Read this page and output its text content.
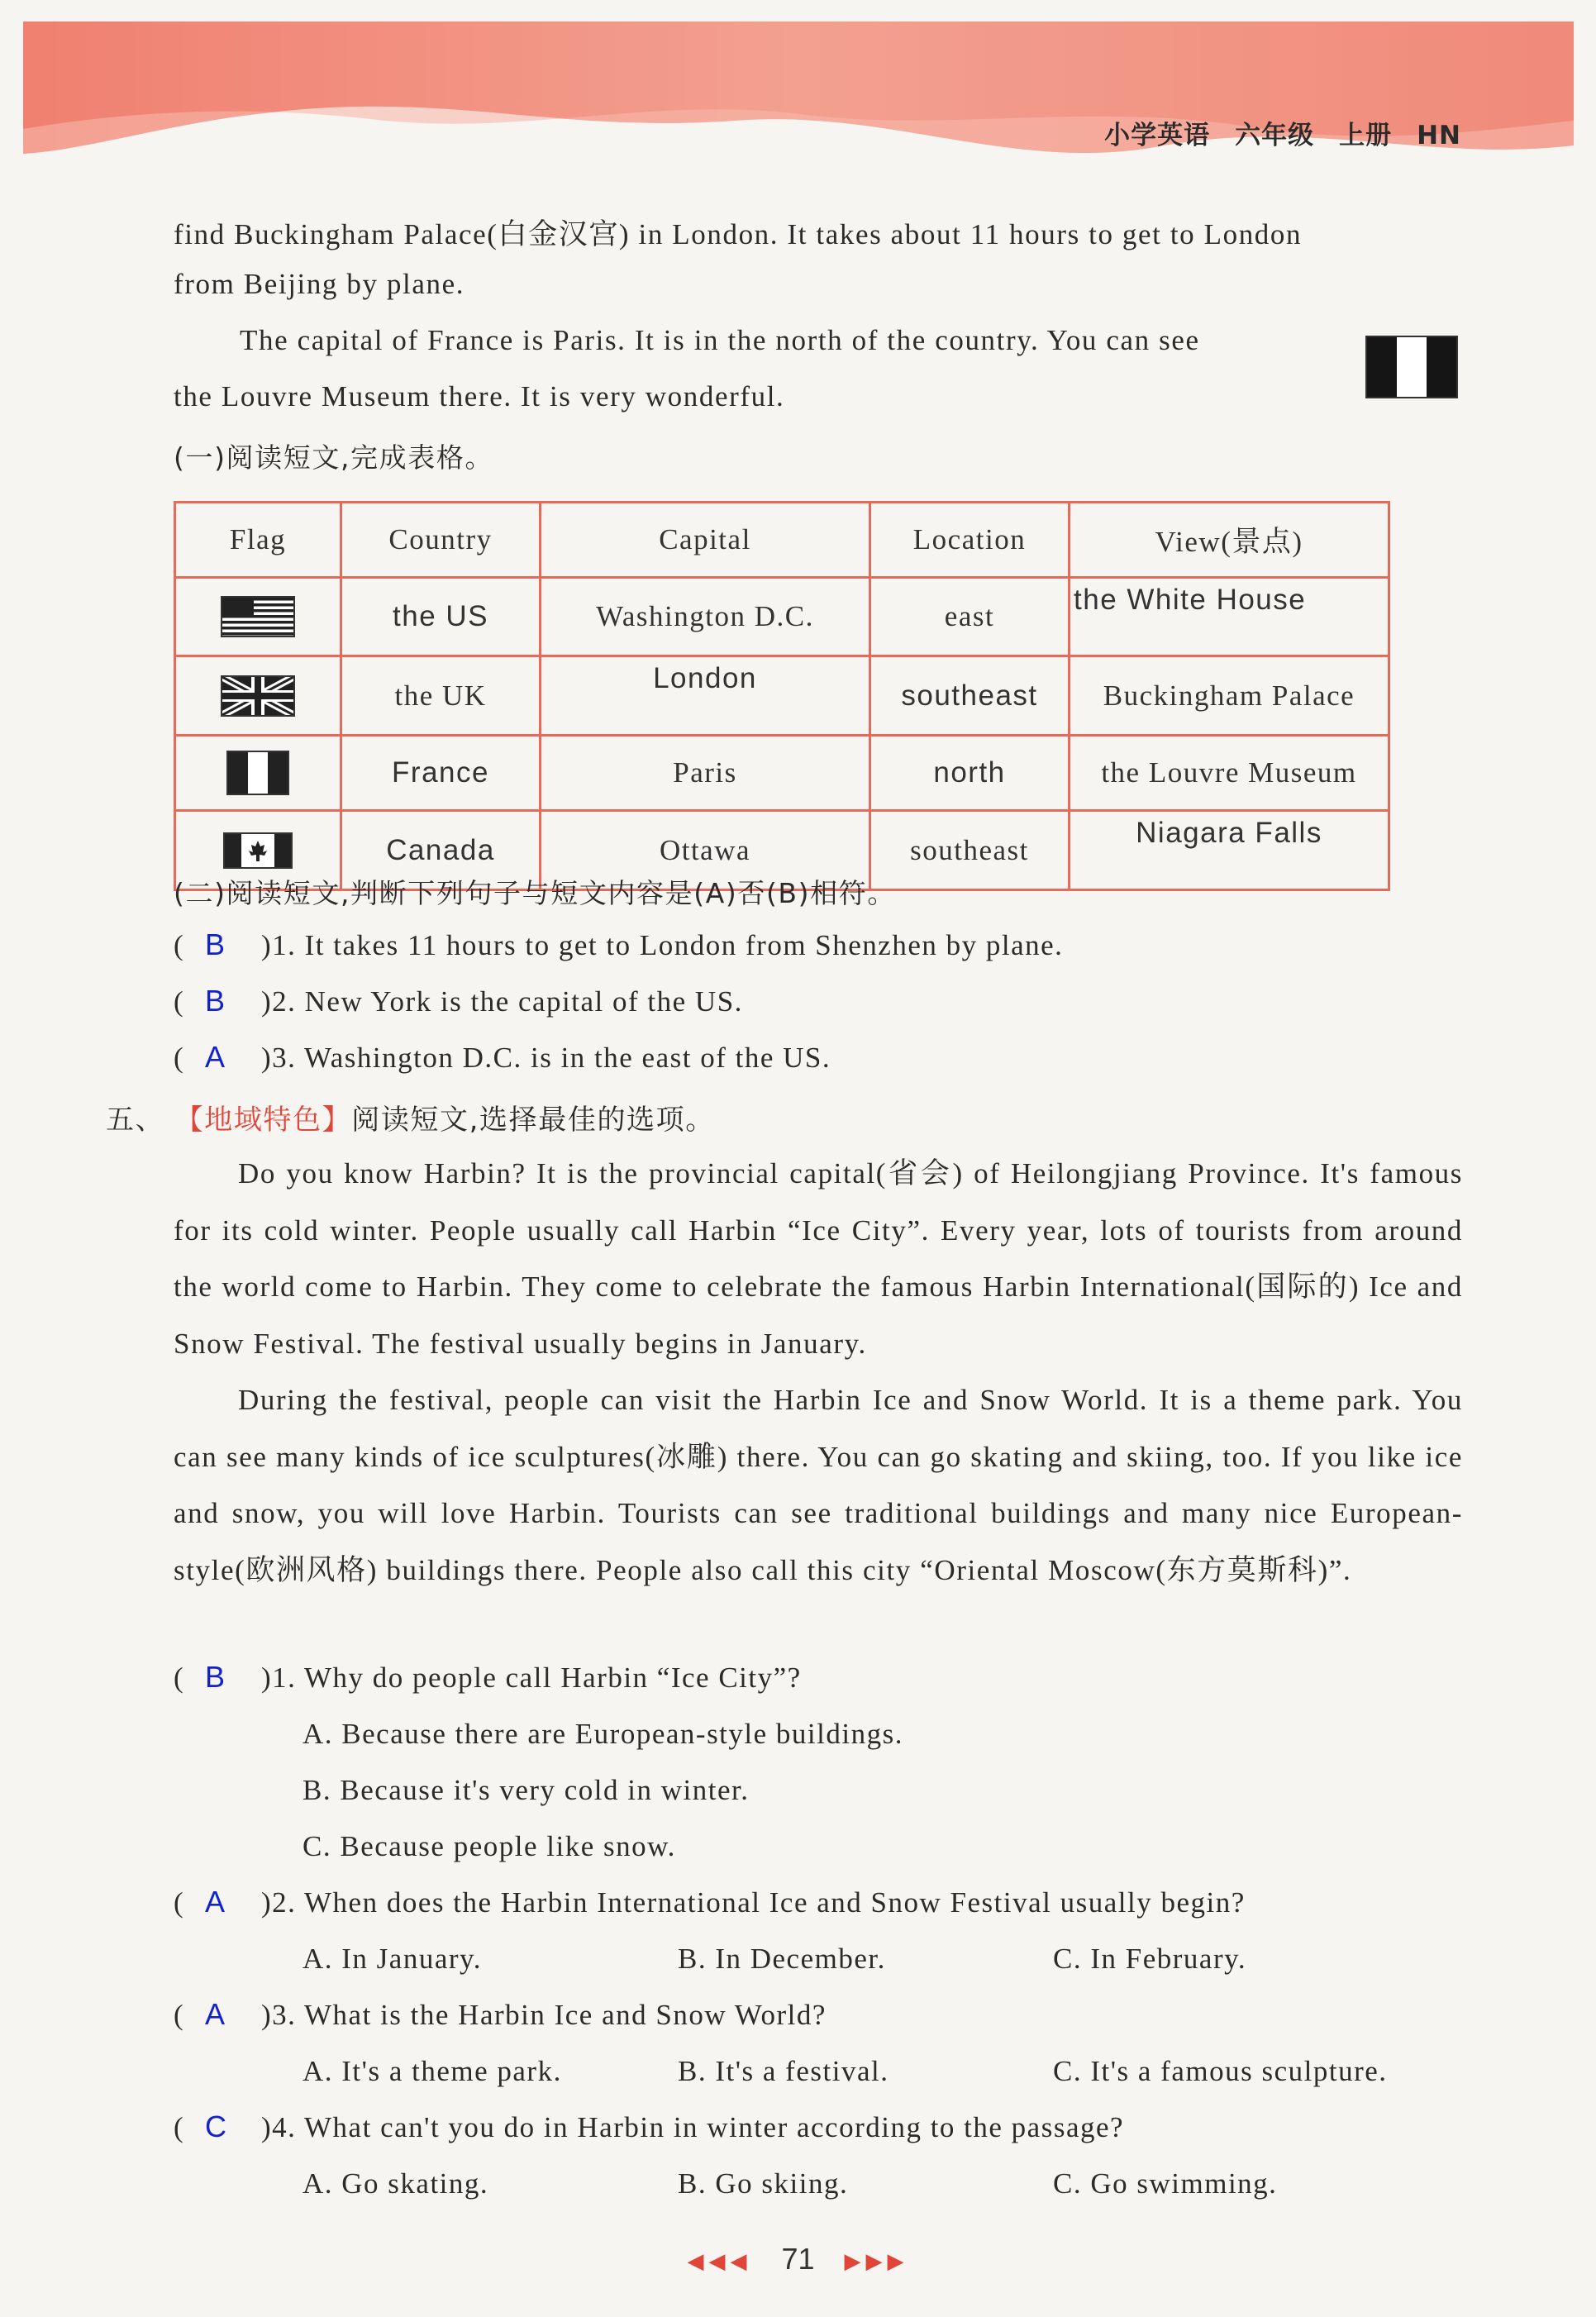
小学英语 六年级 上册 HN
find Buckingham Palace(白金汉宫) in London. It takes about 11 hours to get to London
from Beijing by plane.
The capital of France is Paris. It is in the north of the country. You can see
the Louvre Museum there. It is very wonderful.
(一)阅读短文,完成表格。
Flag	Country	Capital	Location	View(景点)
	the US	Washington D.C.	east	the White House
	the UK	London	southeast	Buckingham Palace
	France	Paris	north	the Louvre Museum
	Canada	Ottawa	southeast	Niagara Falls
(二)阅读短文,判断下列句子与短文内容是(A)否(B)相符。
( B )1. It takes 11 hours to get to London from Shenzhen by plane.
( B )2. New York is the capital of the US.
( A )3. Washington D.C. is in the east of the US.
五、 【地域特色】阅读短文,选择最佳的选项。
Do you know Harbin? It is the provincial capital(省会) of Heilongjiang Province. It's famous for its cold winter. People usually call Harbin “Ice City”. Every year, lots of tourists from around the world come to Harbin. They come to celebrate the famous Harbin International(国际的) Ice and Snow Festival. The festival usually begins in January.
During the festival, people can visit the Harbin Ice and Snow World. It is a theme park. You can see many kinds of ice sculptures(冰雕) there. You can go skating and skiing, too. If you like ice and snow, you will love Harbin. Tourists can see traditional buildings and many nice European-style(欧洲风格) buildings there. People also call this city “Oriental Moscow(东方莫斯科)”.
( B )1. Why do people call Harbin “Ice City”?
A. Because there are European-style buildings.
B. Because it's very cold in winter.
C. Because people like snow.
( A )2. When does the Harbin International Ice and Snow Festival usually begin?
A. In January.	B. In December.	C. In February.
( A )3. What is the Harbin Ice and Snow World?
A. It's a theme park.	B. It's a festival.	C. It's a famous sculpture.
( C )4. What can't you do in Harbin in winter according to the passage?
A. Go skating.	B. Go skiing.	C. Go swimming.
◀◀◀ 71 ▶▶▶
